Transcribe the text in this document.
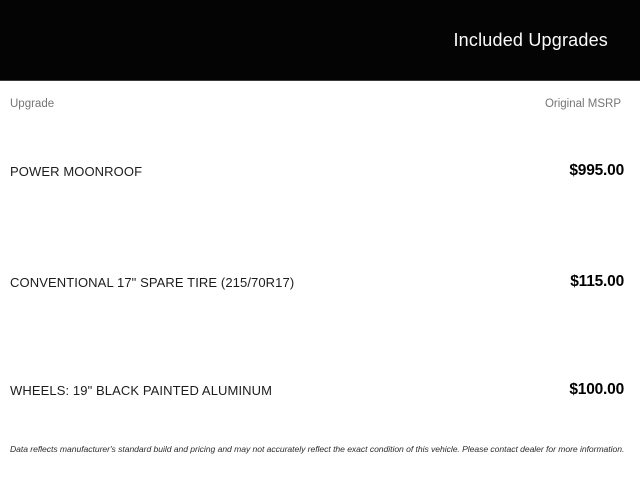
Included Upgrades
Upgrade	Original MSRP
POWER MOONROOF	$995.00
CONVENTIONAL 17" SPARE TIRE (215/70R17)	$115.00
WHEELS: 19" BLACK PAINTED ALUMINUM	$100.00

Data reflects manufacturer's standard build and pricing and may not accurately reflect the exact condition of this vehicle. Please contact dealer for more information.
